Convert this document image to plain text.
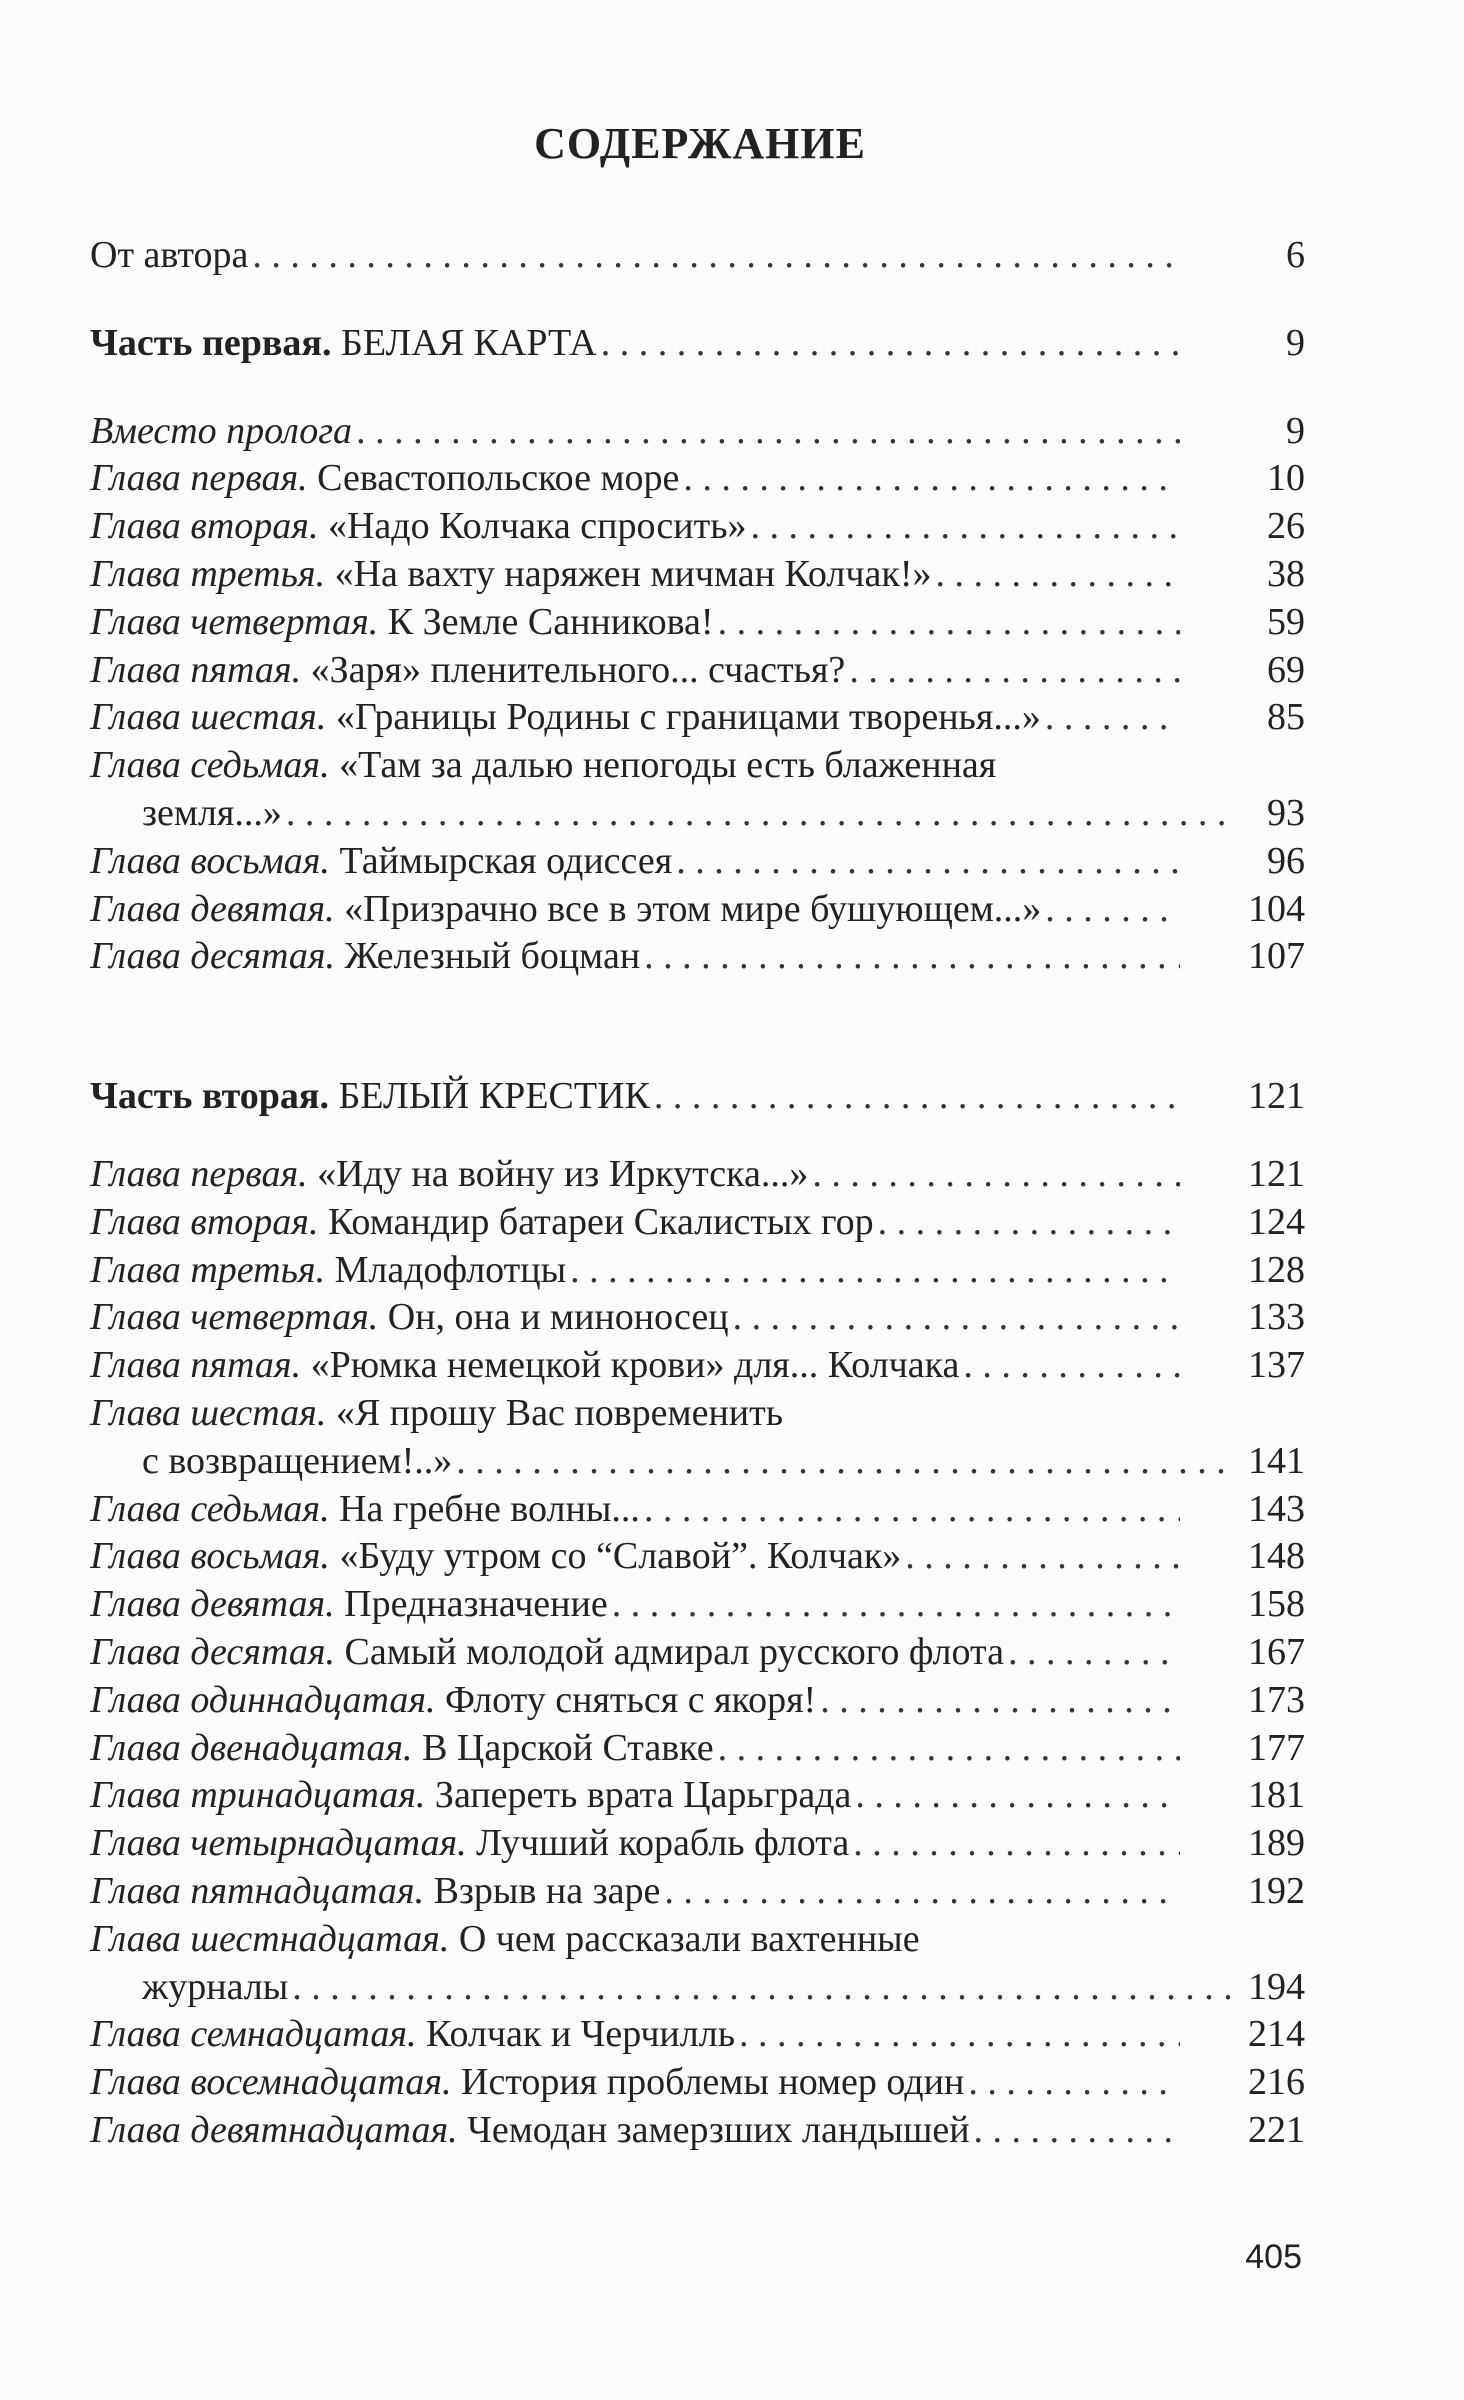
СОДЕРЖАНИЕ
От автора . . .	6
Часть первая. БЕЛАЯ КАРТА . . .	9
Вместо пролога . . .	9
Глава первая. Севастопольское море . . .	10
Глава вторая. «Надо Колчака спросить» . . .	26
Глава третья. «На вахту наряжен мичман Колчак!» . . .	38
Глава четвертая. К Земле Санникова! . . .	59
Глава пятая. «Заря» пленительного... счастья? . . .	69
Глава шестая. «Границы Родины с границами творенья...» . . .	85
Глава седьмая. «Там за далью непогоды есть блаженная
земля...» . . .	93
Глава восьмая. Таймырская одиссея . . .	96
Глава девятая. «Призрачно все в этом мире бушующем...» . . .	104
Глава десятая. Железный боцман . . .	107
Часть вторая. БЕЛЫЙ КРЕСТИК . . .	121
Глава первая. «Иду на войну из Иркутска...» . . .	121
Глава вторая. Командир батареи Скалистых гор . . .	124
Глава третья. Младофлотцы . . .	128
Глава четвертая. Он, она и миноносец . . .	133
Глава пятая. «Рюмка немецкой крови» для... Колчака . . .	137
Глава шестая. «Я прошу Вас повременить
с возвращением!..» . . .	141
Глава седьмая. На гребне волны... . . .	143
Глава восьмая. «Буду утром со “Славой”. Колчак» . . .	148
Глава девятая. Предназначение . . .	158
Глава десятая. Самый молодой адмирал русского флота . . .	167
Глава одиннадцатая. Флоту сняться с якоря! . . .	173
Глава двенадцатая. В Царской Ставке . . .	177
Глава тринадцатая. Запереть врата Царьграда . . .	181
Глава четырнадцатая. Лучший корабль флота . . .	189
Глава пятнадцатая. Взрыв на заре . . .	192
Глава шестнадцатая. О чем рассказали вахтенные
журналы . . .	194
Глава семнадцатая. Колчак и Черчилль . . .	214
Глава восемнадцатая. История проблемы номер один . . .	216
Глава девятнадцатая. Чемодан замерзших ландышей . . .	221
405
